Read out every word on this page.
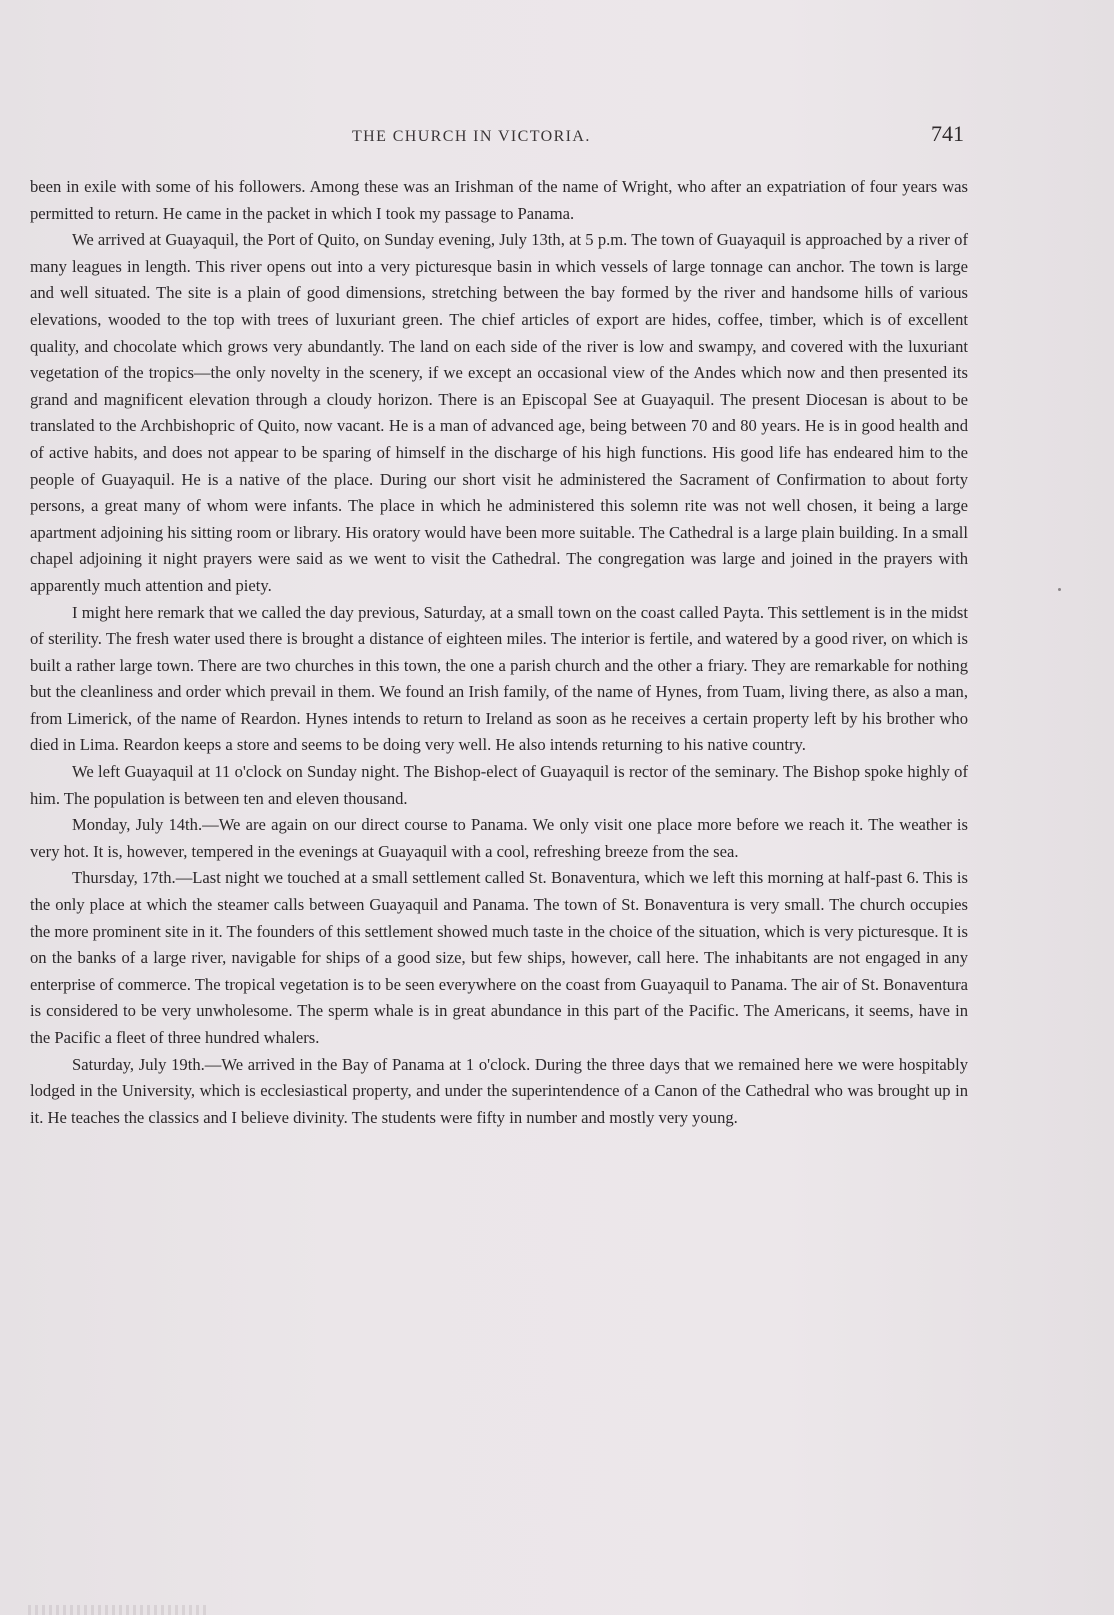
THE CHURCH IN VICTORIA.	741

been in exile with some of his followers. Among these was an Irishman of the name of Wright, who after an expatriation of four years was permitted to return. He came in the packet in which I took my passage to Panama.

We arrived at Guayaquil, the Port of Quito, on Sunday evening, July 13th, at 5 p.m. The town of Guayaquil is approached by a river of many leagues in length. This river opens out into a very picturesque basin in which vessels of large tonnage can anchor. The town is large and well situated. The site is a plain of good dimensions, stretching between the bay formed by the river and handsome hills of various elevations, wooded to the top with trees of luxuriant green. The chief articles of export are hides, coffee, timber, which is of excellent quality, and chocolate which grows very abundantly. The land on each side of the river is low and swampy, and covered with the luxuriant vegetation of the tropics—the only novelty in the scenery, if we except an occasional view of the Andes which now and then presented its grand and magnificent elevation through a cloudy horizon. There is an Episcopal See at Guayaquil. The present Diocesan is about to be translated to the Archbishopric of Quito, now vacant. He is a man of advanced age, being between 70 and 80 years. He is in good health and of active habits, and does not appear to be sparing of himself in the discharge of his high functions. His good life has endeared him to the people of Guayaquil. He is a native of the place. During our short visit he administered the Sacrament of Confirmation to about forty persons, a great many of whom were infants. The place in which he administered this solemn rite was not well chosen, it being a large apartment adjoining his sitting room or library. His oratory would have been more suitable. The Cathedral is a large plain building. In a small chapel adjoining it night prayers were said as we went to visit the Cathedral. The congregation was large and joined in the prayers with apparently much attention and piety.

I might here remark that we called the day previous, Saturday, at a small town on the coast called Payta. This settlement is in the midst of sterility. The fresh water used there is brought a distance of eighteen miles. The interior is fertile, and watered by a good river, on which is built a rather large town. There are two churches in this town, the one a parish church and the other a friary. They are remarkable for nothing but the cleanliness and order which prevail in them. We found an Irish family, of the name of Hynes, from Tuam, living there, as also a man, from Limerick, of the name of Reardon. Hynes intends to return to Ireland as soon as he receives a certain property left by his brother who died in Lima. Reardon keeps a store and seems to be doing very well. He also intends returning to his native country.

We left Guayaquil at 11 o'clock on Sunday night. The Bishop-elect of Guayaquil is rector of the seminary. The Bishop spoke highly of him. The population is between ten and eleven thousand.

Monday, July 14th.—We are again on our direct course to Panama. We only visit one place more before we reach it. The weather is very hot. It is, however, tempered in the evenings at Guayaquil with a cool, refreshing breeze from the sea.

Thursday, 17th.—Last night we touched at a small settlement called St. Bonaventura, which we left this morning at half-past 6. This is the only place at which the steamer calls between Guayaquil and Panama. The town of St. Bonaventura is very small. The church occupies the more prominent site in it. The founders of this settlement showed much taste in the choice of the situation, which is very picturesque. It is on the banks of a large river, navigable for ships of a good size, but few ships, however, call here. The inhabitants are not engaged in any enterprise of commerce. The tropical vegetation is to be seen everywhere on the coast from Guayaquil to Panama. The air of St. Bonaventura is considered to be very unwholesome. The sperm whale is in great abundance in this part of the Pacific. The Americans, it seems, have in the Pacific a fleet of three hundred whalers.

Saturday, July 19th.—We arrived in the Bay of Panama at 1 o'clock. During the three days that we remained here we were hospitably lodged in the University, which is ecclesiastical property, and under the superintendence of a Canon of the Cathedral who was brought up in it. He teaches the classics and I believe divinity. The students were fifty in number and mostly very young.
